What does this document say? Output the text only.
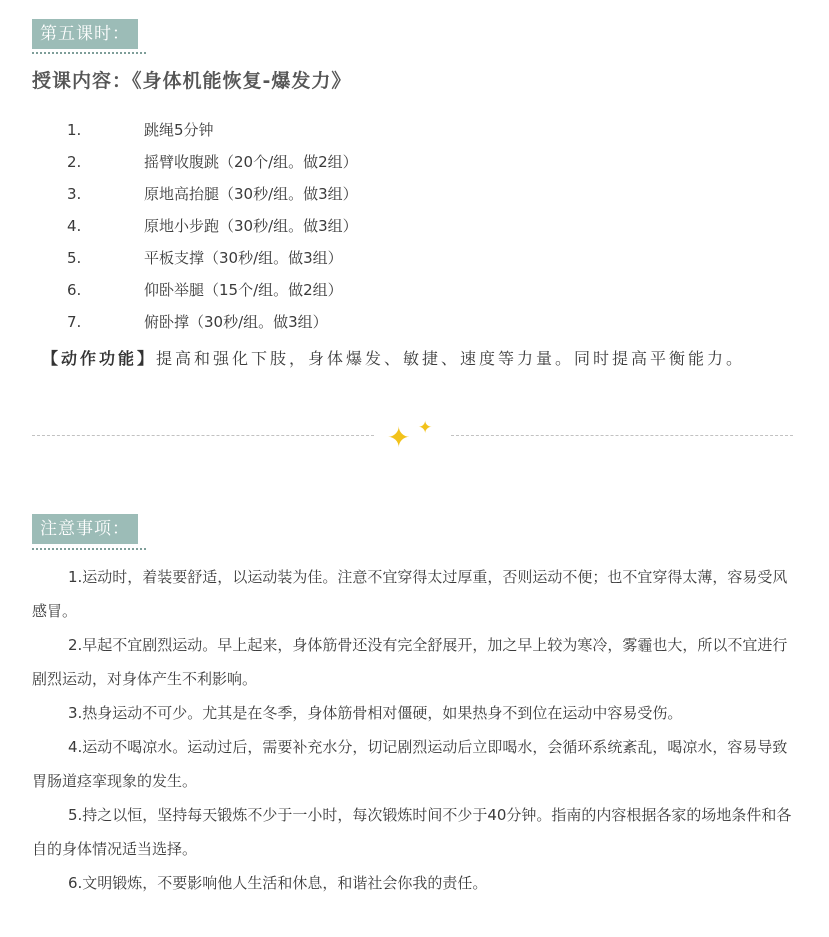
第五课时：
授课内容：《身体机能恢复-爆发力》
1.	跳绳5分钟
2.	摇臂收腹跳（20个/组。做2组）
3.	原地高抬腿（30秒/组。做3组）
4.	原地小步跑（30秒/组。做3组）
5.	平板支撑（30秒/组。做3组）
6.	仰卧举腿（15个/组。做2组）
7.	俯卧撑（30秒/组。做3组）
【动作功能】提高和强化下肢，身体爆发、敏捷、速度等力量。同时提高平衡能力。
✦ ✦
注意事项：

1.运动时，着装要舒适，以运动装为佳。注意不宜穿得太过厚重，否则运动不便；也不宜穿得太薄，容易受风感冒。

2.早起不宜剧烈运动。早上起来，身体筋骨还没有完全舒展开，加之早上较为寒冷，雾霾也大，所以不宜进行剧烈运动，对身体产生不利影响。

3.热身运动不可少。尤其是在冬季，身体筋骨相对僵硬，如果热身不到位在运动中容易受伤。

4.运动不喝凉水。运动过后，需要补充水分，切记剧烈运动后立即喝水，会循环系统紊乱，喝凉水，容易导致胃肠道痉挛现象的发生。

5.持之以恒，坚持每天锻炼不少于一小时，每次锻炼时间不少于40分钟。指南的内容根据各家的场地条件和各自的身体情况适当选择。

6.文明锻炼，不要影响他人生活和休息，和谐社会你我的责任。
